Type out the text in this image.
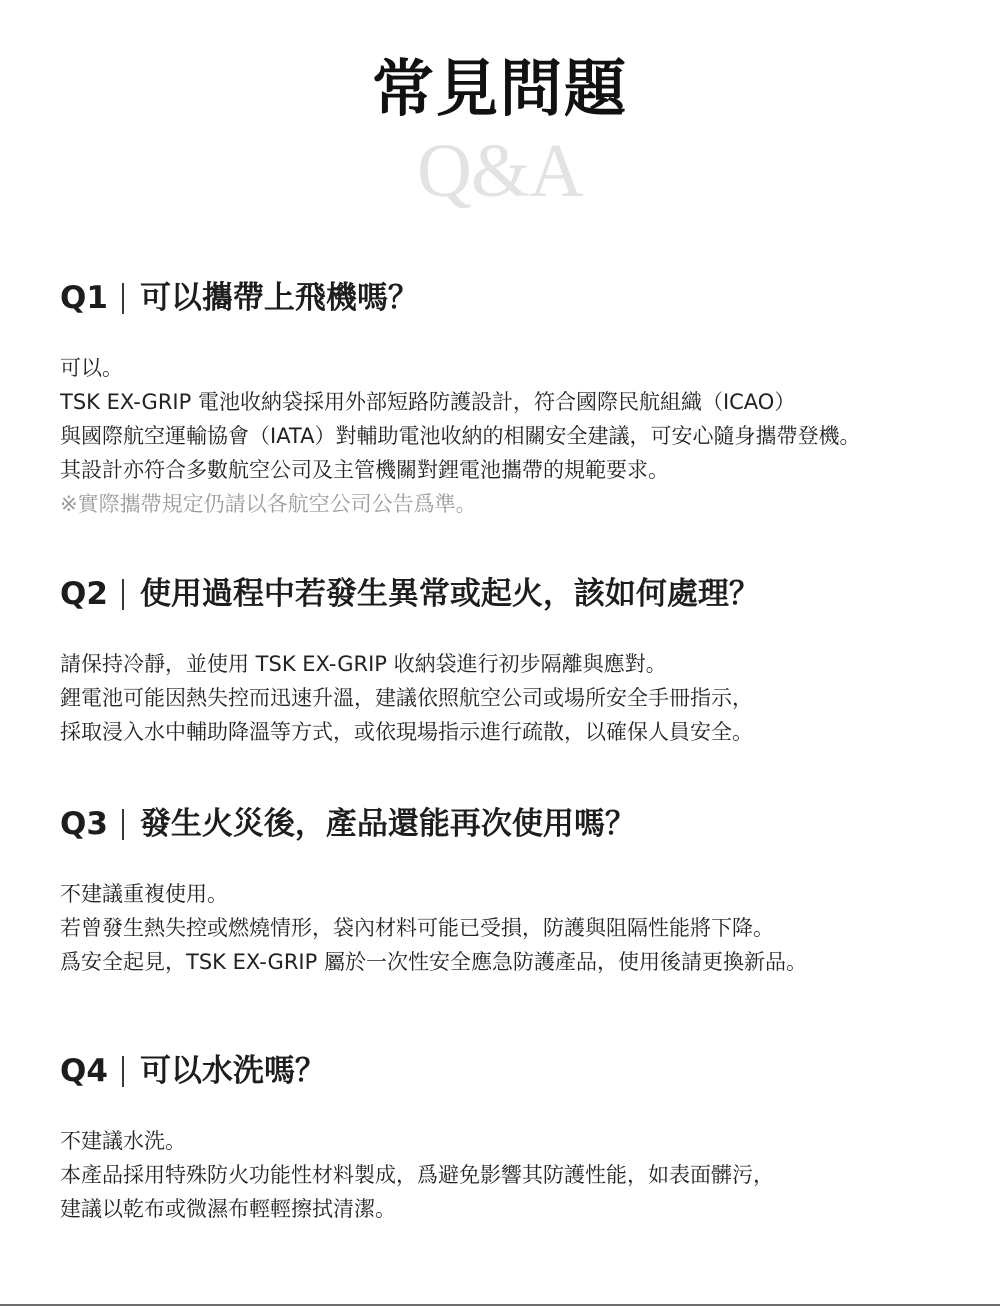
常見問題
Q&A
Q1 可以攜帶上飛機嗎？
可以。
TSK EX-GRIP 電池收納袋採用外部短路防護設計，符合國際民航組織（ICAO）
與國際航空運輸協會（IATA）對輔助電池收納的相關安全建議，可安心隨身攜帶登機。
其設計亦符合多數航空公司及主管機關對鋰電池攜帶的規範要求。
※實際攜帶規定仍請以各航空公司公告爲準。
Q2 使用過程中若發生異常或起火，該如何處理？
請保持冷靜，並使用 TSK EX-GRIP 收納袋進行初步隔離與應對。
鋰電池可能因熱失控而迅速升溫，建議依照航空公司或場所安全手冊指示，
採取浸入水中輔助降溫等方式，或依現場指示進行疏散，以確保人員安全。
Q3 發生火災後，產品還能再次使用嗎？
不建議重複使用。
若曾發生熱失控或燃燒情形，袋內材料可能已受損，防護與阻隔性能將下降。
爲安全起見，TSK EX-GRIP 屬於一次性安全應急防護產品，使用後請更換新品。
Q4 可以水洗嗎？
不建議水洗。
本產品採用特殊防火功能性材料製成，爲避免影響其防護性能，如表面髒污，
建議以乾布或微濕布輕輕擦拭清潔。
